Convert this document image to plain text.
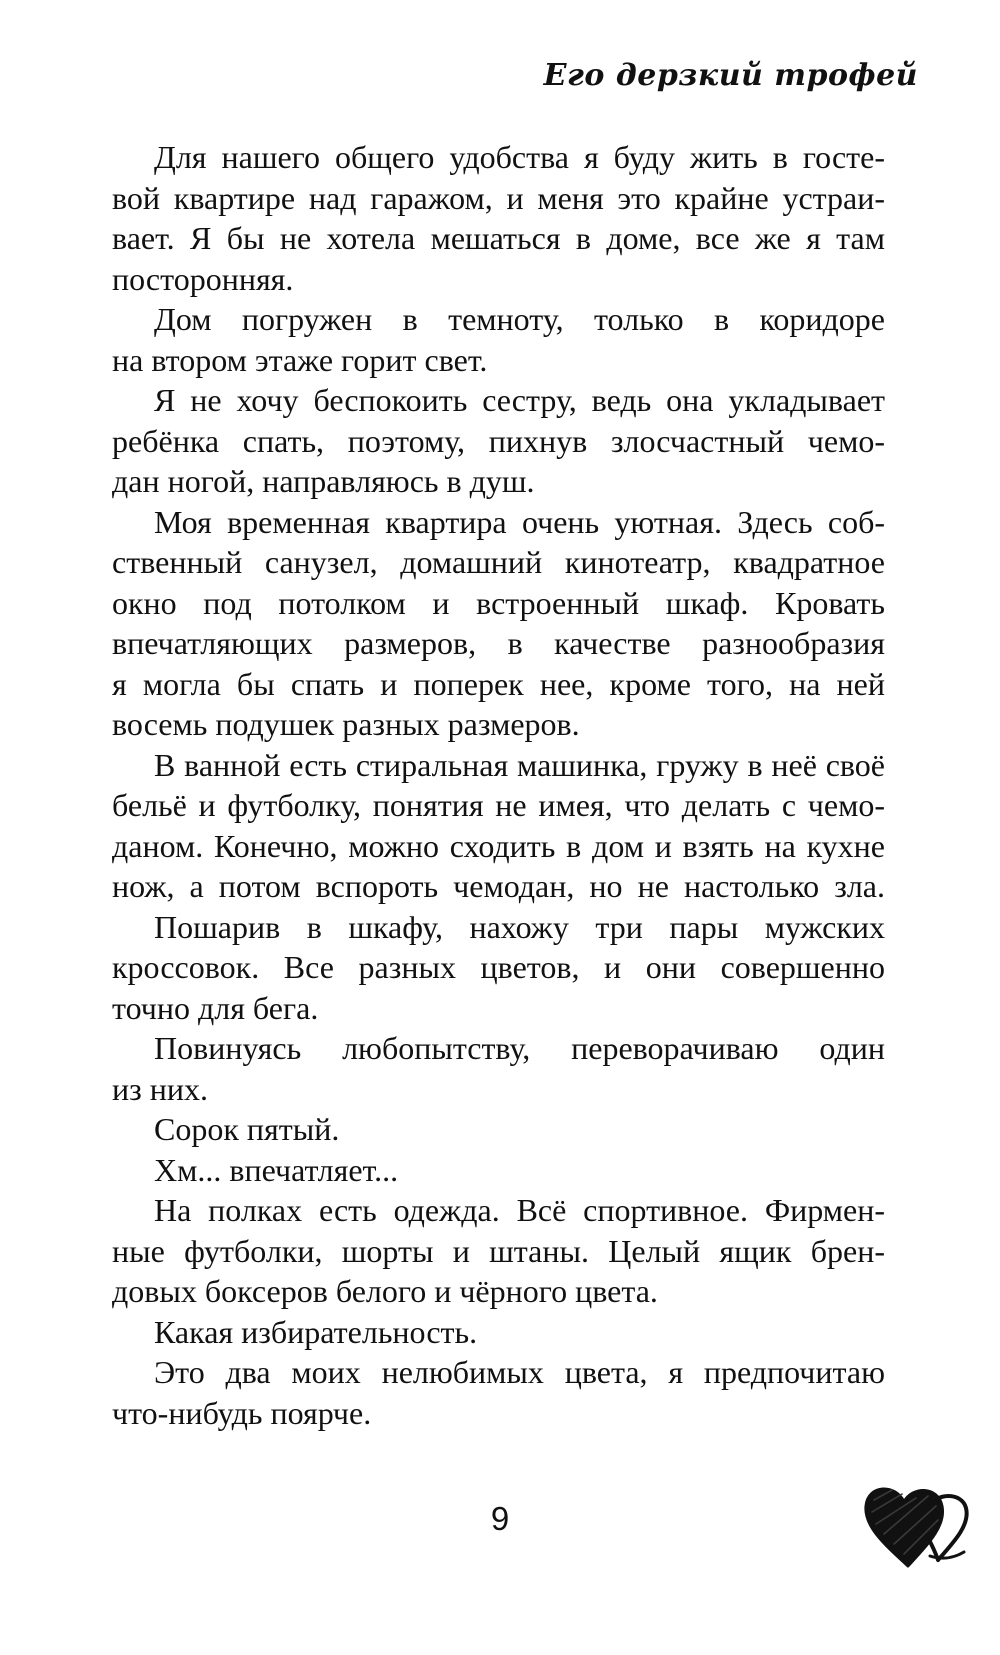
Его дерзкий трофей
Для нашего общего удобства я буду жить в госте-
вой квартире над гаражом, и меня это крайне устраи-
вает. Я бы не хотела мешаться в доме, все же я там
посторонняя.
Дом погружен в темноту, только в коридоре
на втором этаже горит свет.
Я не хочу беспокоить сестру, ведь она укладывает
ребёнка спать, поэтому, пихнув злосчастный чемо-
дан ногой, направляюсь в душ.
Моя временная квартира очень уютная. Здесь соб-
ственный санузел, домашний кинотеатр, квадратное
окно под потолком и встроенный шкаф. Кровать
впечатляющих размеров, в качестве разнообразия
я могла бы спать и поперек нее, кроме того, на ней
восемь подушек разных размеров.
В ванной есть стиральная машинка, гружу в неё своё
бельё и футболку, понятия не имея, что делать с чемо-
даном. Конечно, можно сходить в дом и взять на кухне
нож, а потом вспороть чемодан, но не настолько зла.
Пошарив в шкафу, нахожу три пары мужских
кроссовок. Все разных цветов, и они совершенно
точно для бега.
Повинуясь любопытству, переворачиваю один
из них.
Сорок пятый.
Хм... впечатляет...
На полках есть одежда. Всё спортивное. Фирмен-
ные футболки, шорты и штаны. Целый ящик брен-
довых боксеров белого и чёрного цвета.
Какая избирательность.
Это два моих нелюбимых цвета, я предпочитаю
что-нибудь поярче.
9
